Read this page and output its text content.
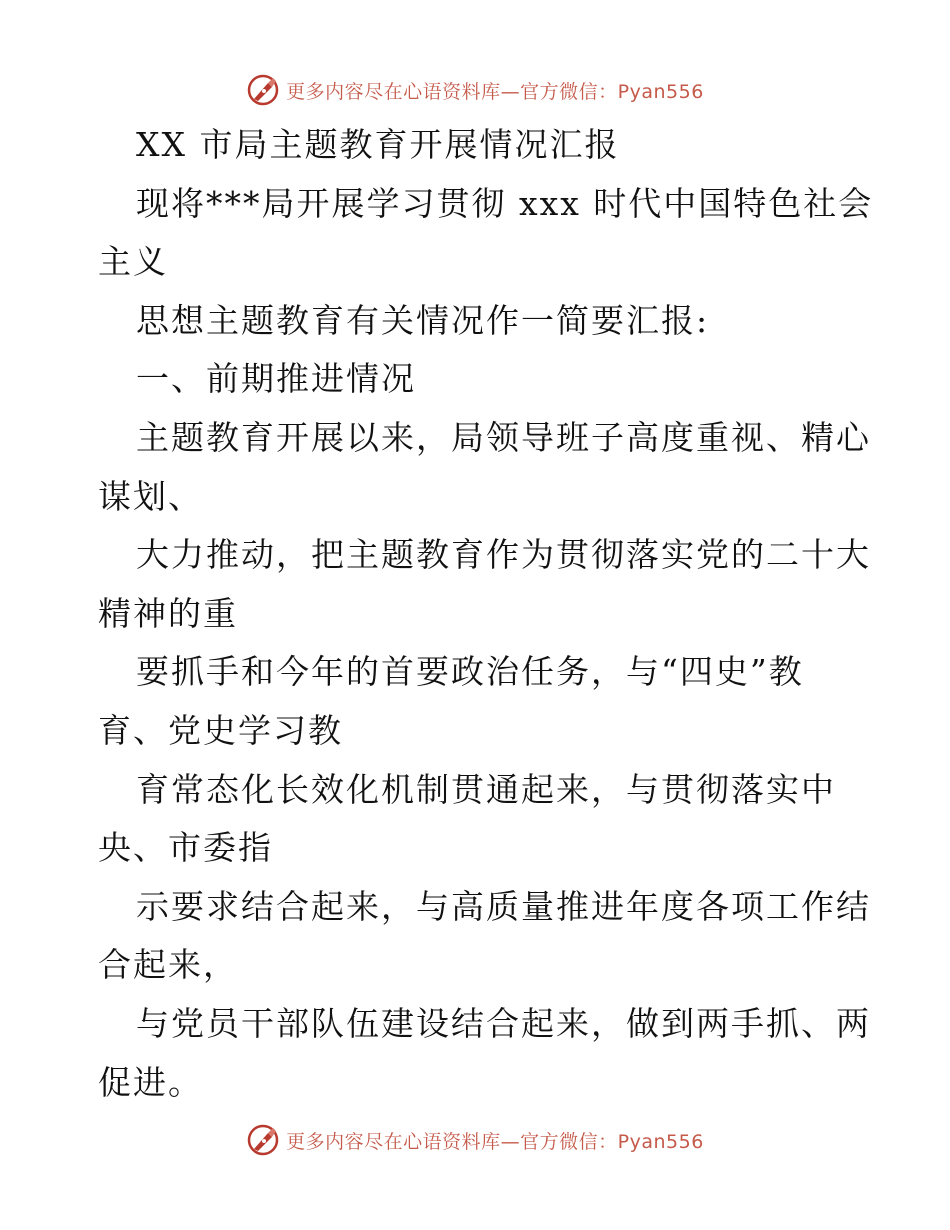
更多内容尽在心语资料库—官方微信：Pyan556
XX 市局主题教育开展情况汇报
现将***局开展学习贯彻 xxx 时代中国特色社会
主义
思想主题教育有关情况作一简要汇报:
一、前期推进情况
主题教育开展以来，局领导班子高度重视、精心
谋划、
大力推动，把主题教育作为贯彻落实党的二十大
精神的重
要抓手和今年的首要政治任务，与“四史”教
育、党史学习教
育常态化长效化机制贯通起来，与贯彻落实中
央、市委指
示要求结合起来，与高质量推进年度各项工作结
合起来，
与党员干部队伍建设结合起来，做到两手抓、两
促进。
更多内容尽在心语资料库—官方微信：Pyan556
